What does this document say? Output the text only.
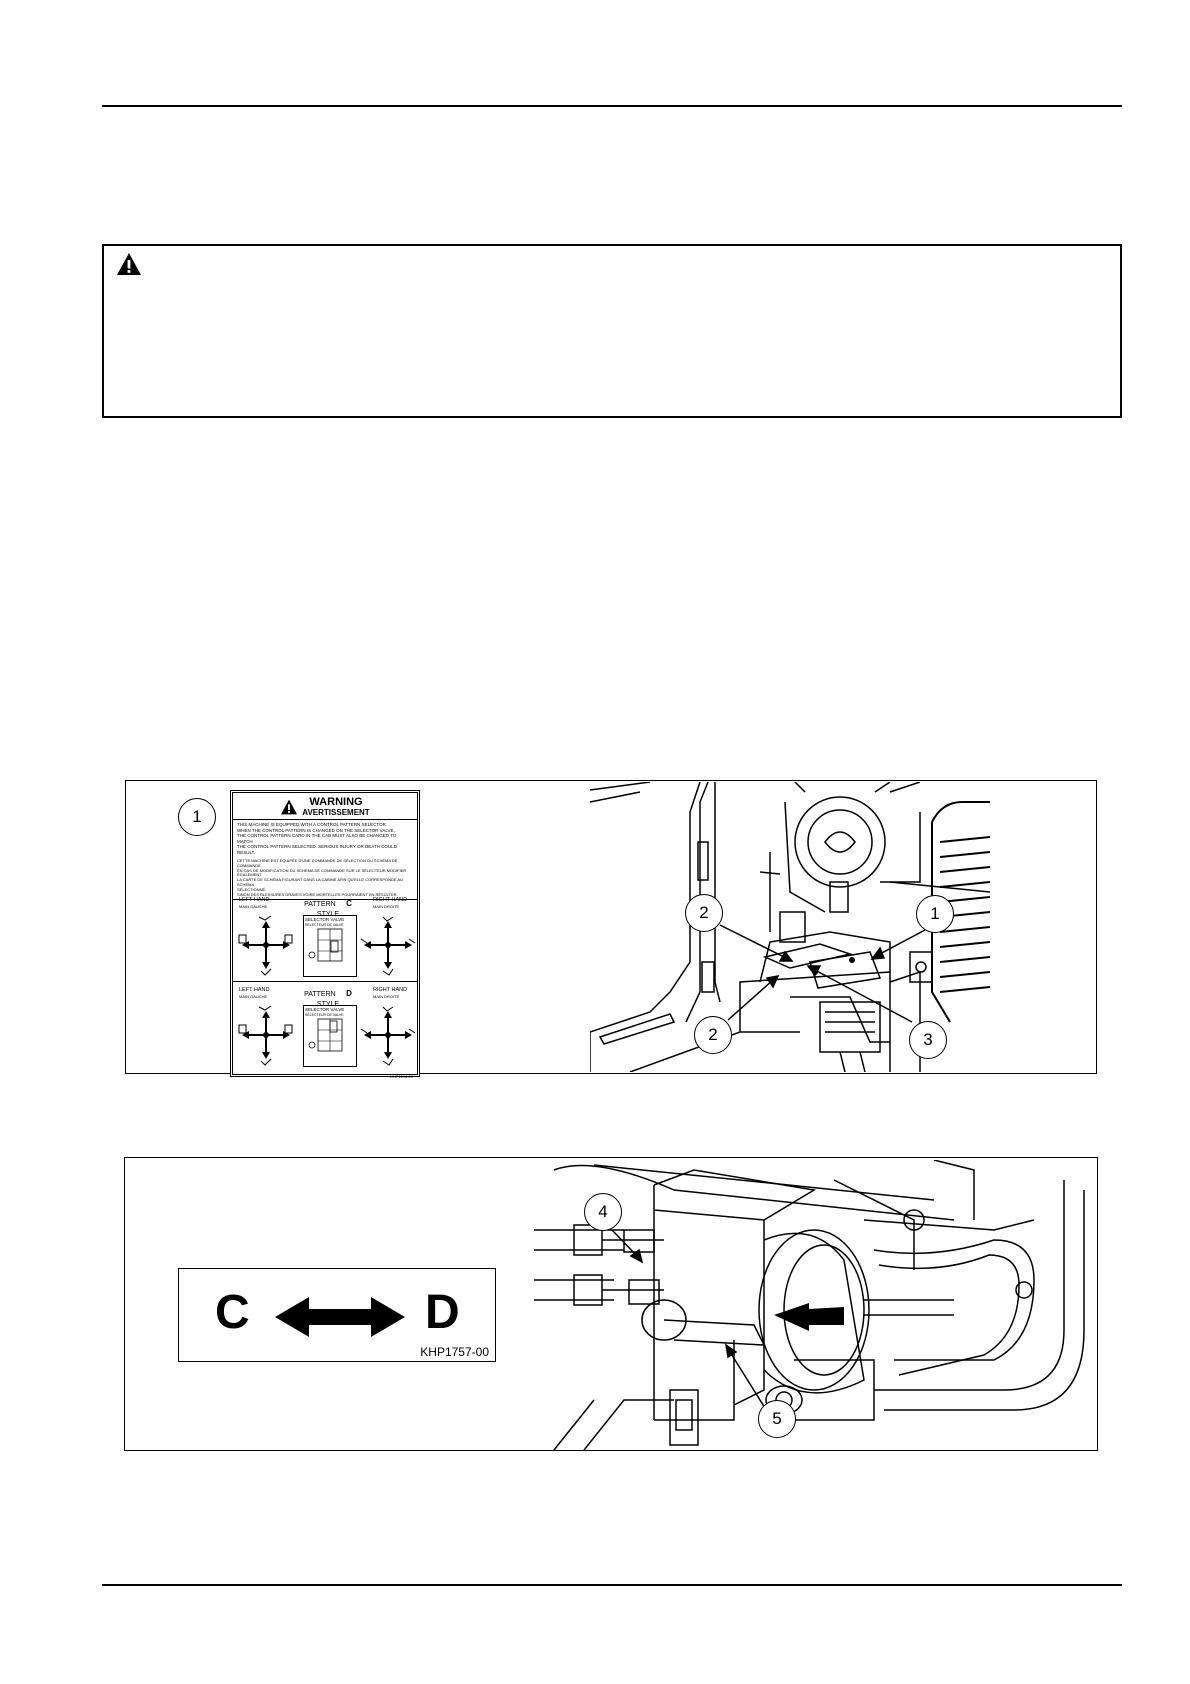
1
WARNING
AVERTISSEMENT
THIS MACHINE IS EQUIPPED WITH A CONTROL PATTERN SELECTOR.
WHEN THE CONTROL PATTERN IS CHANGED ON THE SELECTOR VALVE,
THE CONTROL PATTERN CARD IN THE CAB MUST ALSO BE CHANGED TO MATCH
THE CONTROL PATTERN SELECTED. SERIOUS INJURY OR DEATH COULD RESULT.
CETTE MACHINE EST ÉQUIPÉE D'UNE COMMANDE DE SÉLECTION DU SCHÉMA DE COMMANDE.
EN CAS DE MODIFICATION DU SCHÉMA DE COMMANDE SUR LE SÉLECTEUR MODIFIER ÉGALEMENT
LA CARTE DE SCHÉMA FIGURANT DANS LA CABINE AFIN QU'ELLE CORRESPONDE AU SCHÉMA
SÉLECTIONNÉ.
SINON DES BLESSURES GRAVES VOIRE MORTELLES POURRAIENT EN RÉSULTER.
LEFT HAND
MAIN GAUCHE
RIGHT HAND
MAIN DROITE
PATTERN C
STYLE
SELECTOR VALVE
SÉLECTEUR DE VALVE
LEFT HAND
MAIN GAUCHE
RIGHT HAND
MAIN DROITE
PATTERN D
STYLE
SELECTOR VALVE
SÉLECTEUR DE VALVE
KHP1596-00
2	1
2	3
C	D
KHP1757-00
4
5
